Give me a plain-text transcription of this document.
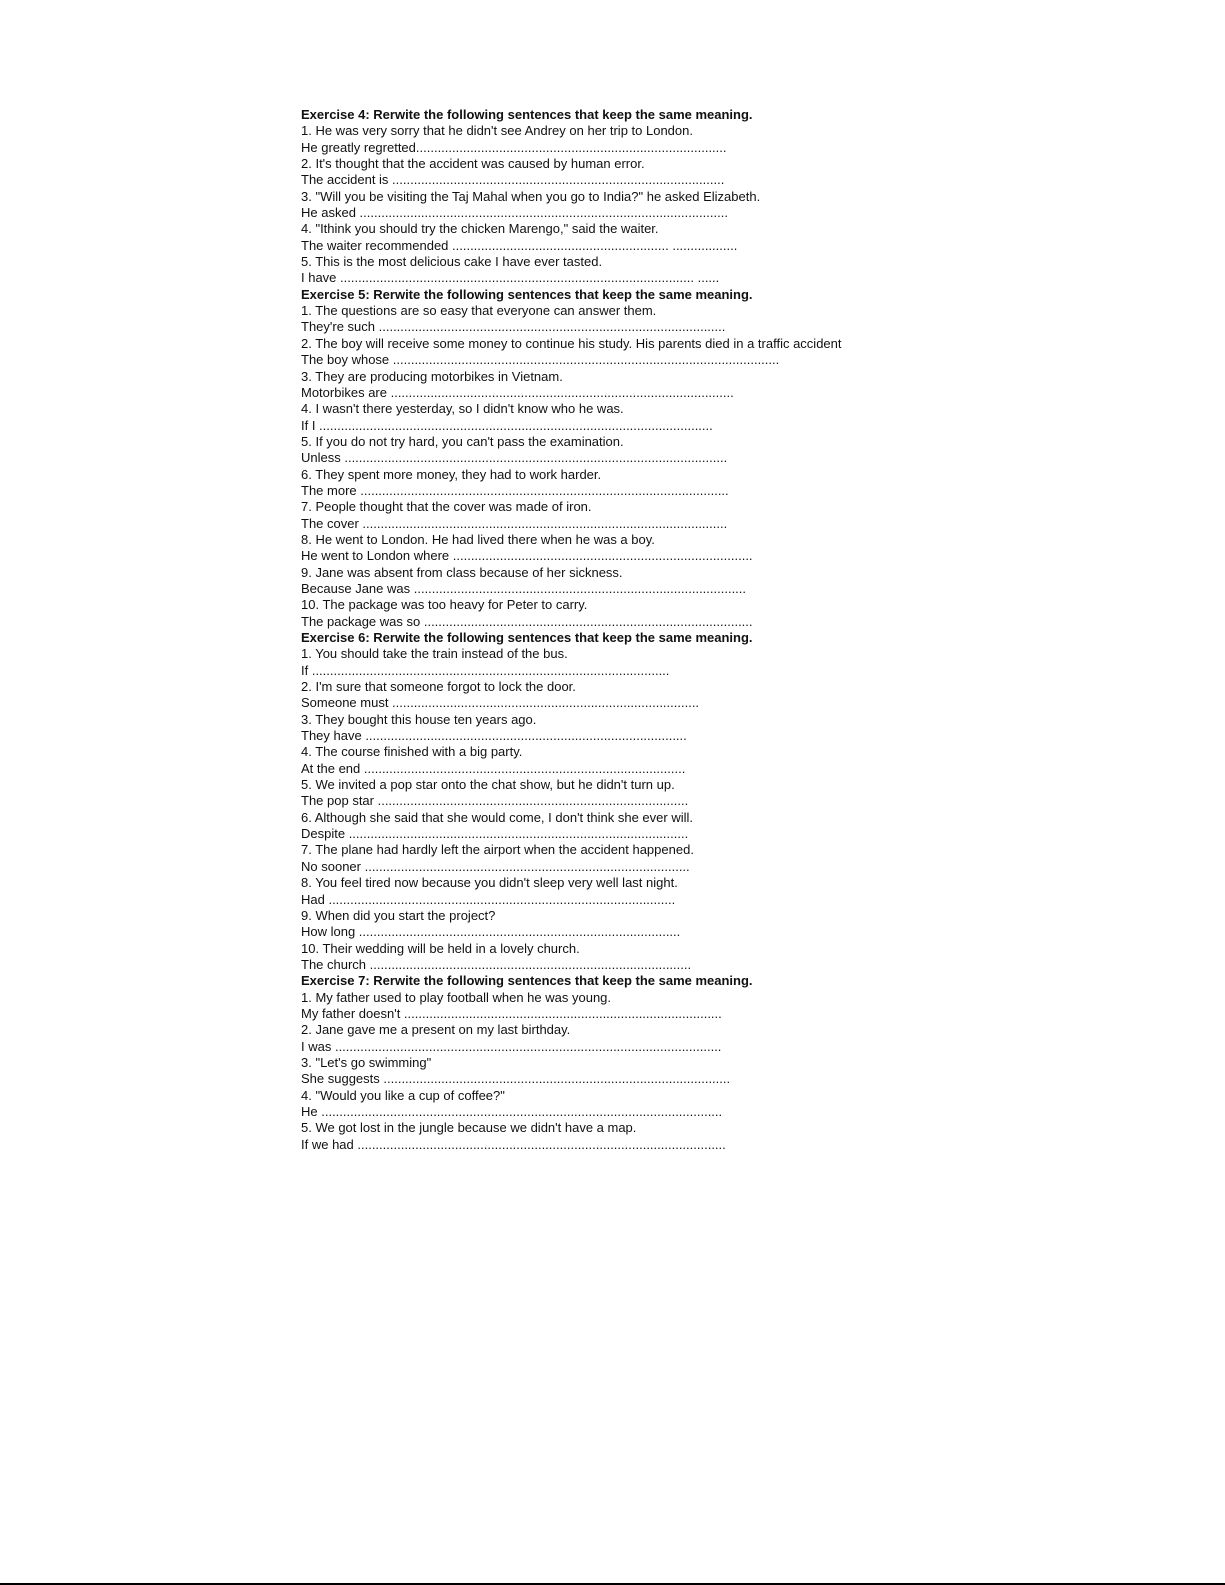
Exercise 4: Rerwite the following sentences that keep the same meaning.
1. He was very sorry that he didn't see Andrey on her trip to London.
He greatly regretted......................................................................................
2. It's thought that the accident was caused by human error.
The accident is ............................................................................................
3. "Will you be visiting the Taj Mahal when you go to India?" he asked Elizabeth.
He asked ......................................................................................................
4. "Ithink you should try the chicken Marengo," said the waiter.
The waiter recommended ............................................................ ..................
5. This is the most delicious cake I have ever tasted.
I have .................................................................................................. ......
Exercise 5: Rerwite the following sentences that keep the same meaning.
1. The questions are so easy that everyone can answer them.
They're such ................................................................................................
2. The boy will receive some money to continue his study. His parents died in a traffic accident
The boy whose ...........................................................................................................
3. They are producing motorbikes in Vietnam.
Motorbikes are ...............................................................................................
4. I wasn't there yesterday, so I didn't know who he was.
If I .............................................................................................................
5. If you do not try hard, you can't pass the examination.
Unless ..........................................................................................................
6. They spent more money, they had to work harder.
The more ......................................................................................................
7. People thought that the cover was made of iron.
The cover .....................................................................................................
8. He went to London. He had lived there when he was a boy.
He went to London where ...................................................................................
9. Jane was absent from class because of her sickness.
Because Jane was ............................................................................................
10. The package was too heavy for Peter to carry.
The package was so ...........................................................................................
Exercise 6: Rerwite the following sentences that keep the same meaning.
1. You should take the train instead of the bus.
If ...................................................................................................
2. I'm sure that someone forgot to lock the door.
Someone must .....................................................................................
3. They bought this house ten years ago.
They have .........................................................................................
4. The course finished with a big party.
At the end .........................................................................................
5. We invited a pop star onto the chat show, but he didn't turn up.
The pop star ......................................................................................
6. Although she said that she would come, I don't think she ever will.
Despite ..............................................................................................
7. The plane had hardly left the airport when the accident happened.
No sooner ..........................................................................................
8. You feel tired now because you didn't sleep very well last night.
Had ................................................................................................
9. When did you start the project?
How long .........................................................................................
10. Their wedding will be held in a lovely church.
The church .........................................................................................
Exercise 7: Rerwite the following sentences that keep the same meaning.
1. My father used to play football when he was young.
My father doesn't ........................................................................................
2. Jane gave me a present on my last birthday.
I was ...........................................................................................................
3. "Let's go swimming"
She suggests ................................................................................................
4. "Would you like a cup of coffee?"
He ...............................................................................................................
5. We got lost in the jungle because we didn't have a map.
If we had ......................................................................................................
